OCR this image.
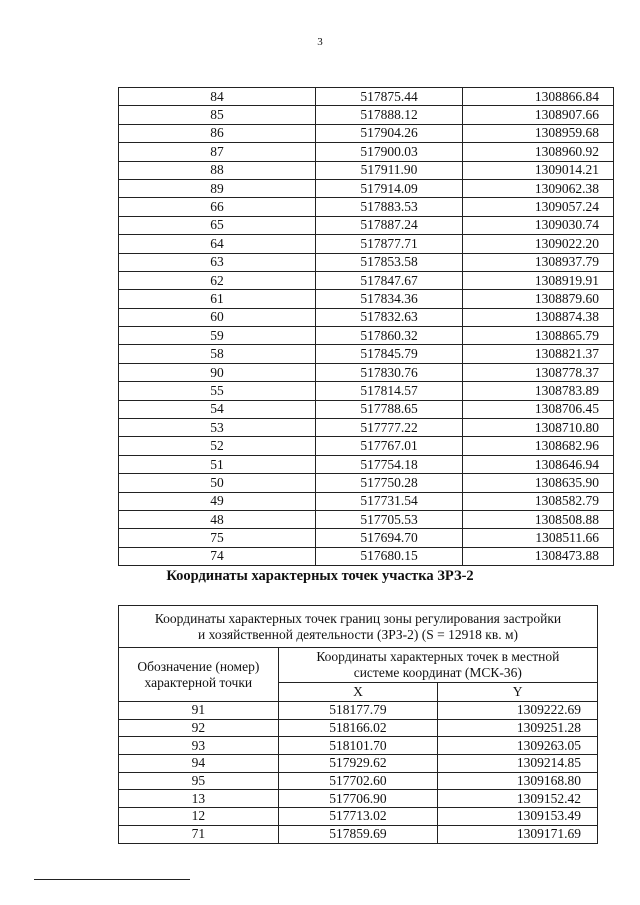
3
84	517875.44	1308866.84
85	517888.12	1308907.66
86	517904.26	1308959.68
87	517900.03	1308960.92
88	517911.90	1309014.21
89	517914.09	1309062.38
66	517883.53	1309057.24
65	517887.24	1309030.74
64	517877.71	1309022.20
63	517853.58	1308937.79
62	517847.67	1308919.91
61	517834.36	1308879.60
60	517832.63	1308874.38
59	517860.32	1308865.79
58	517845.79	1308821.37
90	517830.76	1308778.37
55	517814.57	1308783.89
54	517788.65	1308706.45
53	517777.22	1308710.80
52	517767.01	1308682.96
51	517754.18	1308646.94
50	517750.28	1308635.90
49	517731.54	1308582.79
48	517705.53	1308508.88
75	517694.70	1308511.66
74	517680.15	1308473.88
Координаты характерных точек участка ЗРЗ-2
Координаты характерных точек границ зоны регулирования застройки
и хозяйственной деятельности (ЗРЗ-2) (S = 12918 кв. м)		
Обозначение (номер)
характерной точки	Координаты характерных точек в местной
системе координат (МСК-36)	
	X	Y
91	518177.79	1309222.69
92	518166.02	1309251.28
93	518101.70	1309263.05
94	517929.62	1309214.85
95	517702.60	1309168.80
13	517706.90	1309152.42
12	517713.02	1309153.49
71	517859.69	1309171.69
